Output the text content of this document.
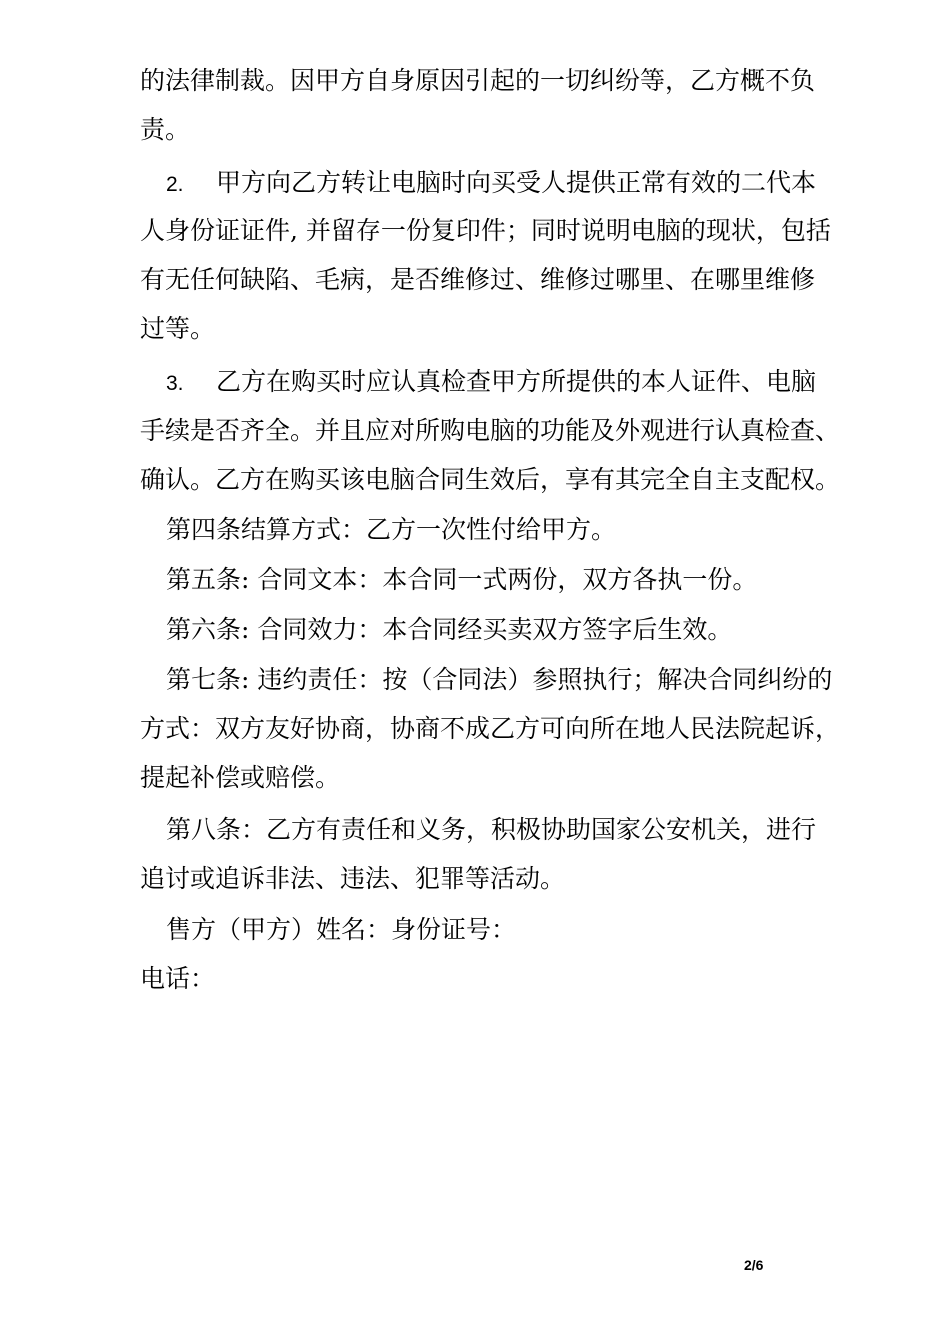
的法律制裁。因甲方自身原因引起的一切纠纷等，乙方概不负
责。
2. 甲方向乙方转让电脑时向买受人提供正常有效的二代本
人身份证证件, 并留存一份复印件；同时说明电脑的现状，包括
有无任何缺陷、毛病，是否维修过、维修过哪里、在哪里维修
过等。
3. 乙方在购买时应认真检查甲方所提供的本人证件、电脑
手续是否齐全。并且应对所购电脑的功能及外观进行认真检查、
确认。乙方在购买该电脑合同生效后，享有其完全自主支配权。
第四条结算方式：乙方一次性付给甲方。
第五条: 合同文本：本合同一式两份，双方各执一份。
第六条: 合同效力：本合同经买卖双方签字后生效。
第七条: 违约责任：按（合同法）参照执行；解决合同纠纷的
方式：双方友好协商，协商不成乙方可向所在地人民法院起诉，
提起补偿或赔偿。
第八条：乙方有责任和义务，积极协助国家公安机关，进行
追讨或追诉非法、违法、犯罪等活动。
售方（甲方）姓名：身份证号：
电话：
2/6
